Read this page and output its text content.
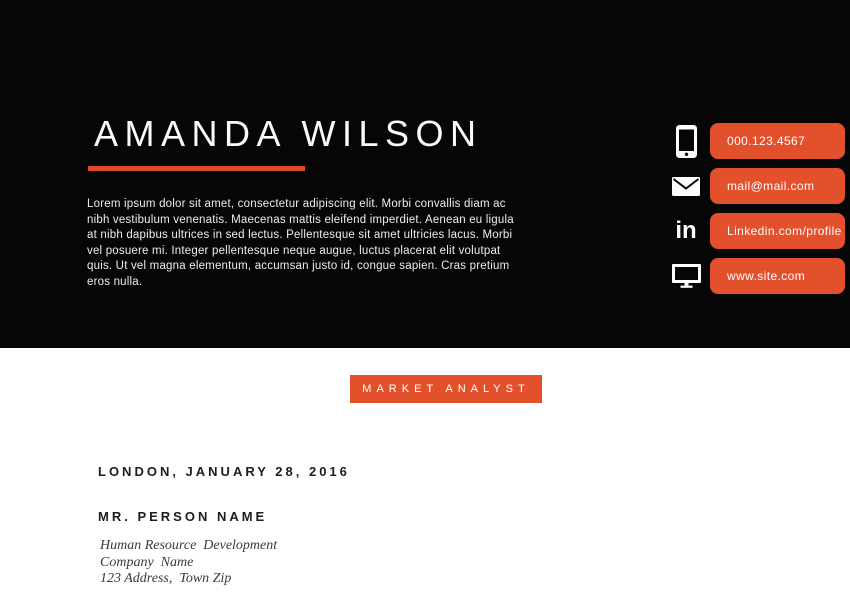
AMANDA WILSON

Lorem ipsum dolor sit amet, consectetur adipiscing elit. Morbi convallis diam ac nibh vestibulum venenatis. Maecenas mattis eleifend imperdiet. Aenean eu ligula at nibh dapibus ultrices in sed lectus. Pellentesque sit amet ultricies lacus. Morbi vel posuere mi. Integer pellentesque neque augue, luctus placerat elit volutpat quis. Ut vel magna elementum, accumsan justo id, congue sapien. Cras pretium eros nulla.

000.123.4567
mail@mail.com
in	Linkedin.com/profile
www.site.com
MARKET ANALYST
LONDON, JANUARY 28, 2016
MR. PERSON NAME
Human Resource  Development
Company  Name
123 Address,  Town Zip
